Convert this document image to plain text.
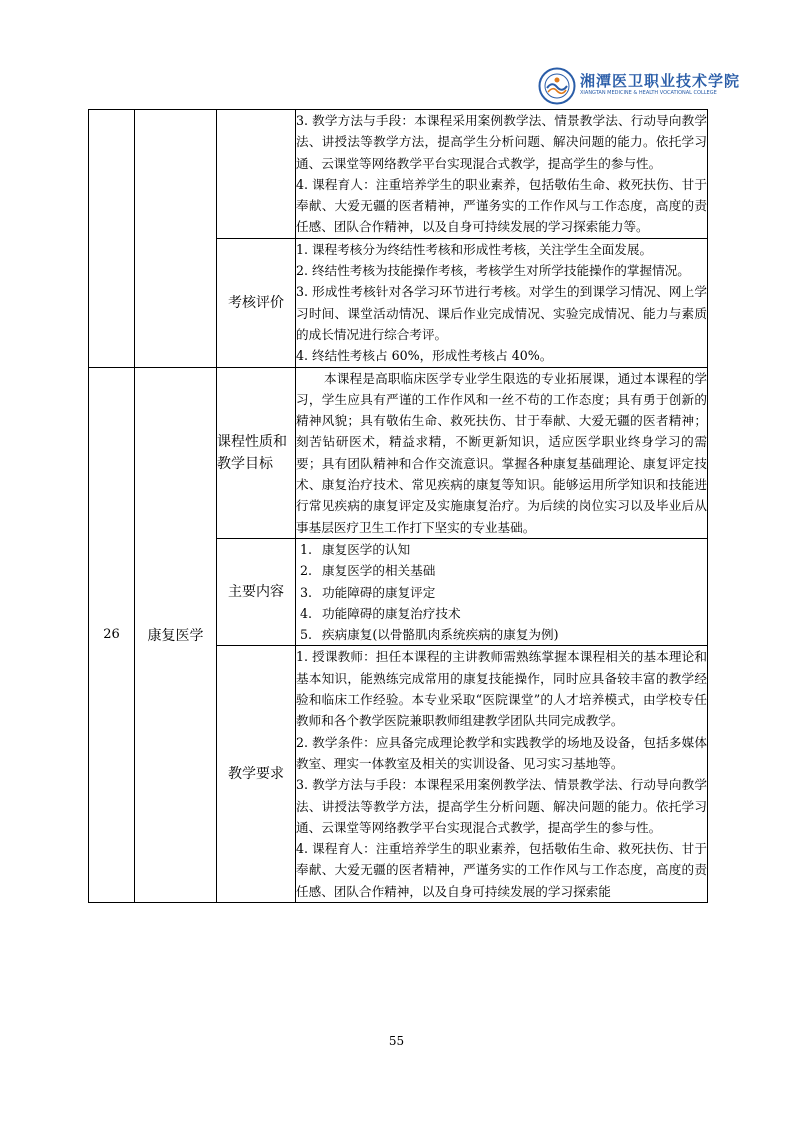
湘潭医卫职业技术学院
XIANGTAN MEDICINE & HEALTH VOCATIONAL COLLEGE

			3. 教学方法与手段：本课程采用案例教学法、情景教学法、行动导向教学法、讲授法等教学方法，提高学生分析问题、解决问题的能力。依托学习通、云课堂等网络教学平台实现混合式教学，提高学生的参与性。

4. 课程育人：注重培养学生的职业素养，包括敬佑生命、救死扶伤、甘于奉献、大爱无疆的医者精神，严谨务实的工作作风与工作态度，高度的责任感、团队合作精神，以及自身可持续发展的学习探索能力等。

		考核评价	1. 课程考核分为终结性考核和形成性考核，关注学生全面发展。

2. 终结性考核为技能操作考核，考核学生对所学技能操作的掌握情况。

3. 形成性考核针对各学习环节进行考核。对学生的到课学习情况、网上学习时间、课堂活动情况、课后作业完成情况、实验完成情况、能力与素质的成长情况进行综合考评。

4. 终结性考核占 60%，形成性考核占 40%。

26	康复医学	课程性质和教学目标	本课程是高职临床医学专业学生限选的专业拓展课，通过本课程的学习，学生应具有严谨的工作作风和一丝不苟的工作态度；具有勇于创新的精神风貌；具有敬佑生命、救死扶伤、甘于奉献、大爱无疆的医者精神；刻苦钻研医术，精益求精，不断更新知识，适应医学职业终身学习的需要；具有团队精神和合作交流意识。掌握各种康复基础理论、康复评定技术、康复治疗技术、常见疾病的康复等知识。能够运用所学知识和技能进行常见疾病的康复评定及实施康复治疗。为后续的岗位实习以及毕业后从事基层医疗卫生工作打下坚实的专业基础。

		主要内容	1. 康复医学的认知

2. 康复医学的相关基础

3. 功能障碍的康复评定

4. 功能障碍的康复治疗技术

5. 疾病康复(以骨骼肌肉系统疾病的康复为例)

		教学要求	1. 授课教师：担任本课程的主讲教师需熟练掌握本课程相关的基本理论和基本知识，能熟练完成常用的康复技能操作，同时应具备较丰富的教学经验和临床工作经验。本专业采取“医院课堂”的人才培养模式，由学校专任教师和各个教学医院兼职教师组建教学团队共同完成教学。

2. 教学条件：应具备完成理论教学和实践教学的场地及设备，包括多媒体教室、理实一体教室及相关的实训设备、见习实习基地等。

3. 教学方法与手段：本课程采用案例教学法、情景教学法、行动导向教学法、讲授法等教学方法，提高学生分析问题、解决问题的能力。依托学习通、云课堂等网络教学平台实现混合式教学，提高学生的参与性。

4. 课程育人：注重培养学生的职业素养，包括敬佑生命、救死扶伤、甘于奉献、大爱无疆的医者精神，严谨务实的工作作风与工作态度，高度的责任感、团队合作精神，以及自身可持续发展的学习探索能

55
